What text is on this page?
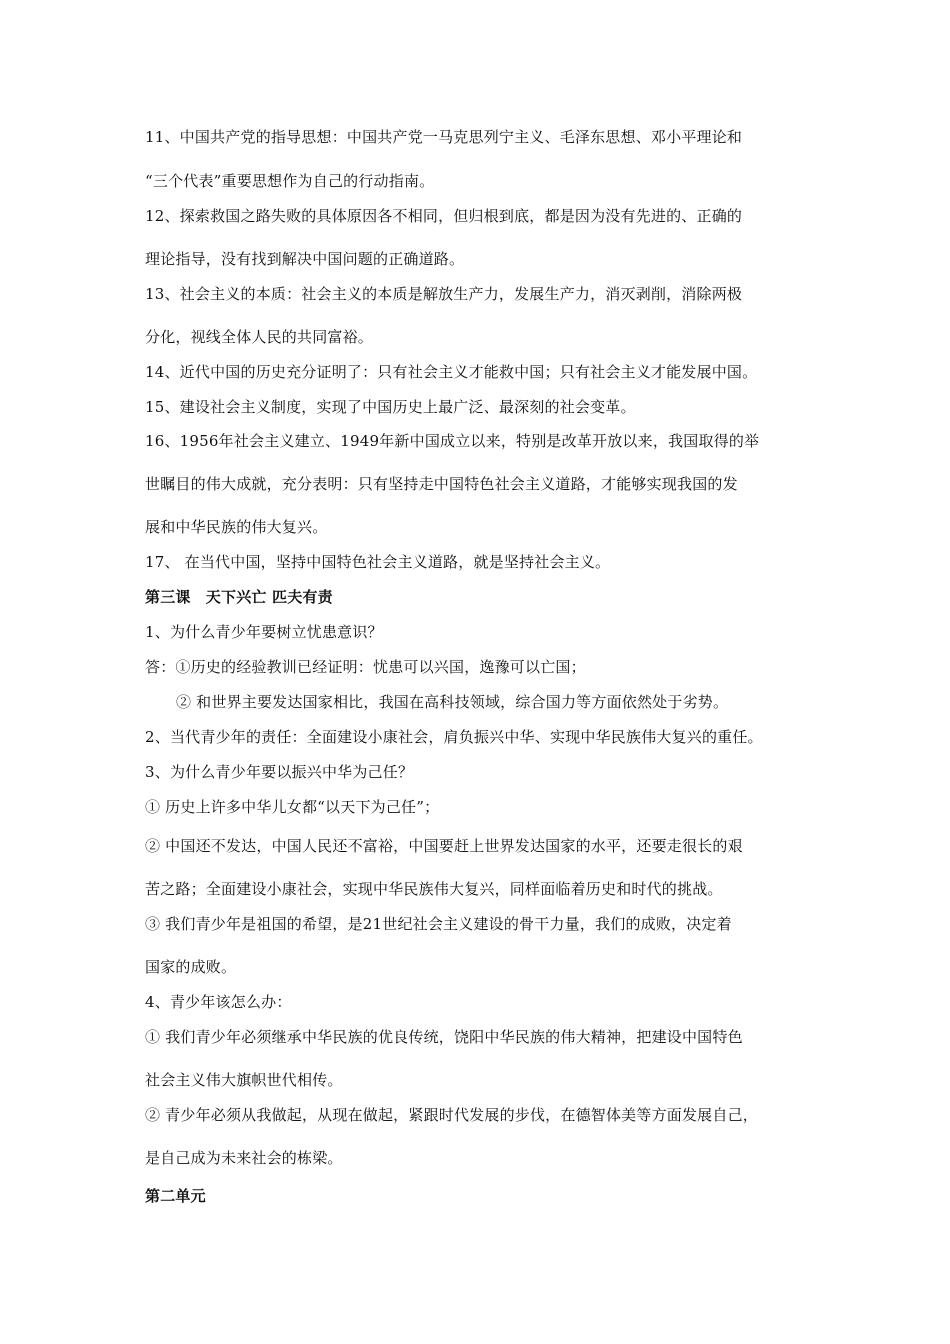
11、中国共产党的指导思想：中国共产党一马克思列宁主义、毛泽东思想、邓小平理论和
“三个代表”重要思想作为自己的行动指南。
12、探索救国之路失败的具体原因各不相同，但归根到底，都是因为没有先进的、正确的
理论指导，没有找到解决中国问题的正确道路。
13、社会主义的本质：社会主义的本质是解放生产力，发展生产力，消灭剥削，消除两极
分化，视线全体人民的共同富裕。
14、近代中国的历史充分证明了：只有社会主义才能救中国；只有社会主义才能发展中国。
15、建设社会主义制度，实现了中国历史上最广泛、最深刻的社会变革。
16、1956年社会主义建立、1949年新中国成立以来，特别是改革开放以来，我国取得的举
世瞩目的伟大成就，充分表明：只有坚持走中国特色社会主义道路，才能够实现我国的发
展和中华民族的伟大复兴。
17、 在当代中国，坚持中国特色社会主义道路，就是坚持社会主义。
第三课　天下兴亡 匹夫有责
1、为什么青少年要树立忧患意识？
答：①历史的经验教训已经证明：忧患可以兴国，逸豫可以亡国；
② 和世界主要发达国家相比，我国在高科技领域，综合国力等方面依然处于劣势。
2、当代青少年的责任：全面建设小康社会，肩负振兴中华、实现中华民族伟大复兴的重任。
3、为什么青少年要以振兴中华为己任？
① 历史上许多中华儿女都“以天下为己任”；
② 中国还不发达，中国人民还不富裕，中国要赶上世界发达国家的水平，还要走很长的艰
苦之路；全面建设小康社会，实现中华民族伟大复兴，同样面临着历史和时代的挑战。
③ 我们青少年是祖国的希望，是21世纪社会主义建设的骨干力量，我们的成败，决定着
国家的成败。
4、青少年该怎么办：
① 我们青少年必须继承中华民族的优良传统，饶阳中华民族的伟大精神，把建设中国特色
社会主义伟大旗帜世代相传。
② 青少年必须从我做起，从现在做起，紧跟时代发展的步伐，在德智体美等方面发展自己，
是自己成为未来社会的栋梁。
第二单元
